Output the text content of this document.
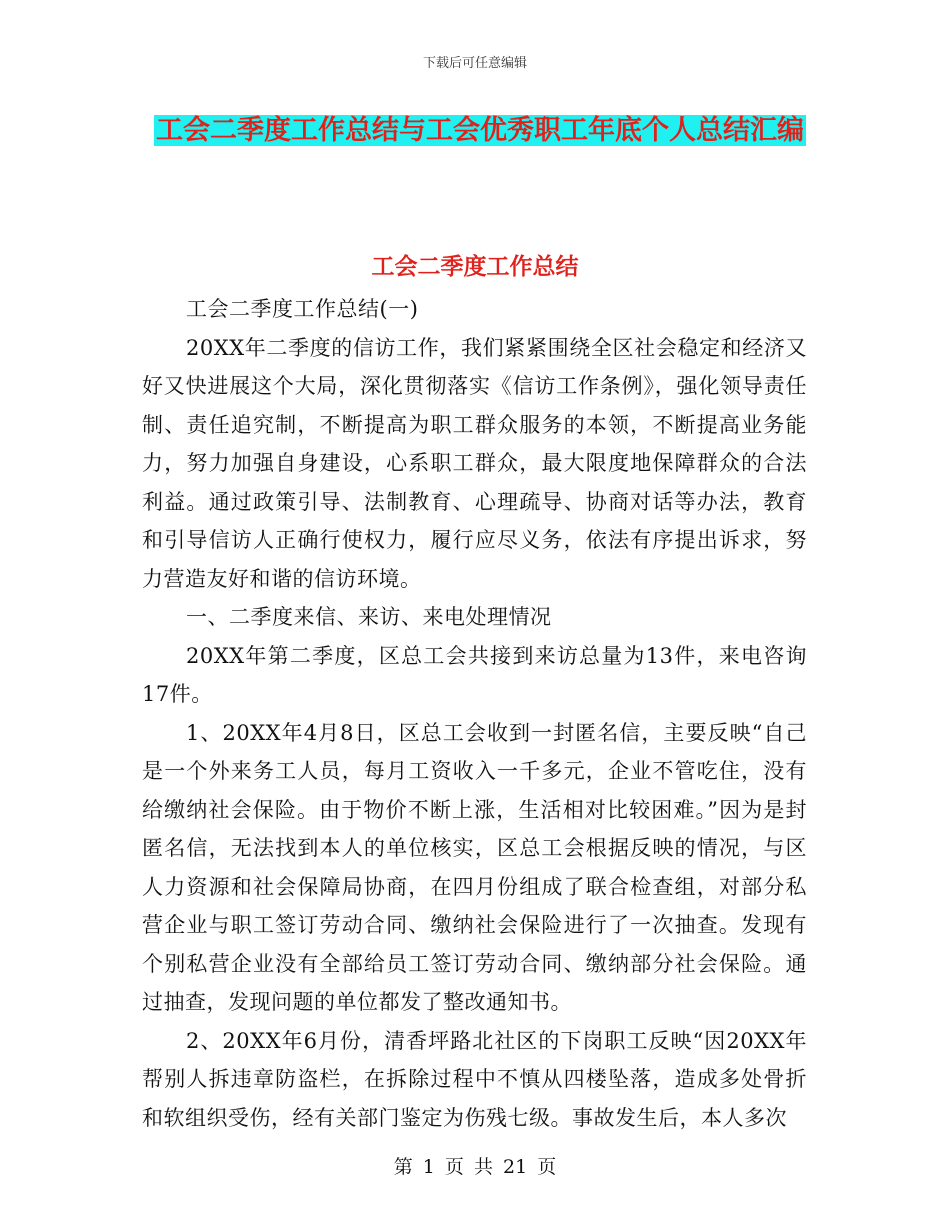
下载后可任意编辑
工会二季度工作总结与工会优秀职工年底个人总结汇编
工会二季度工作总结

工会二季度工作总结(一)

20XX年二季度的信访工作，我们紧紧围绕全区社会稳定和经济又好又快进展这个大局，深化贯彻落实《信访工作条例》，强化领导责任制、责任追究制，不断提高为职工群众服务的本领，不断提高业务能力，努力加强自身建设，心系职工群众，最大限度地保障群众的合法利益。通过政策引导、法制教育、心理疏导、协商对话等办法，教育和引导信访人正确行使权力，履行应尽义务，依法有序提出诉求，努力营造友好和谐的信访环境。

一、二季度来信、来访、来电处理情况

20XX年第二季度，区总工会共接到来访总量为13件，来电咨询17件。

1、20XX年4月8日，区总工会收到一封匿名信，主要反映“自己是一个外来务工人员，每月工资收入一千多元，企业不管吃住，没有给缴纳社会保险。由于物价不断上涨，生活相对比较困难。”因为是封匿名信，无法找到本人的单位核实，区总工会根据反映的情况，与区人力资源和社会保障局协商，在四月份组成了联合检查组，对部分私营企业与职工签订劳动合同、缴纳社会保险进行了一次抽查。发现有个别私营企业没有全部给员工签订劳动合同、缴纳部分社会保险。通过抽查，发现问题的单位都发了整改通知书。

2、20XX年6月份，清香坪路北社区的下岗职工反映“因20XX年帮别人拆违章防盗栏，在拆除过程中不慎从四楼坠落，造成多处骨折和软组织受伤，经有关部门鉴定为伤残七级。事故发生后，本人多次

第 1 页 共 21 页
